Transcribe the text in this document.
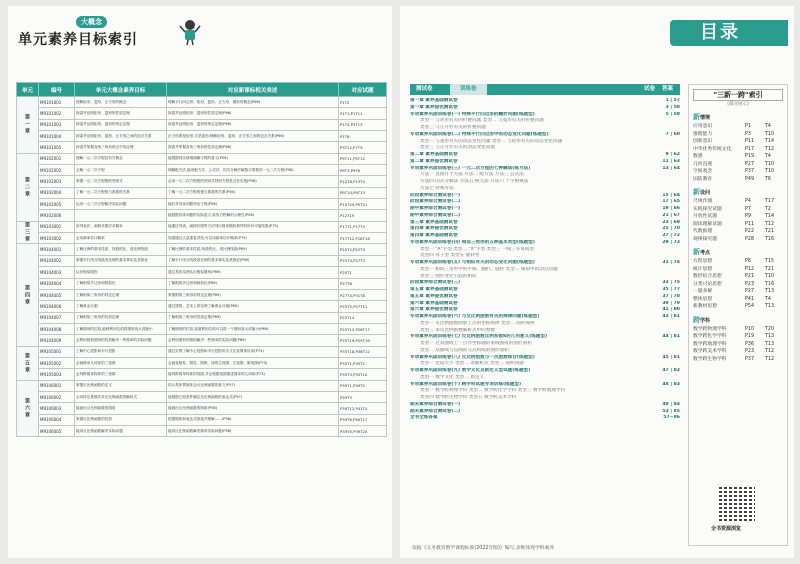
大概念
单元素养目标索引
单元	编号	单元大概念素养目标	对应新课标相关表述	对应试题
第一章	M9101001	理解矩形、菱形、正方形的概念	理解平行四边形、矩形、菱形、正方形、梯形的概念(P66)	P1T2
	M9101002	探索并证明矩形、菱形的性质定理	探索并证明矩形、菱形的性质定理(P66)	P1T1,P1T11
	M9101003	探索并证明矩形、菱形的判定定理	探索并证明矩形、菱形的判定定理(P66)	P1T4,P3T13
	M9101004	探索并证明矩形、菱形、正方形之间的包含关系	正方形既是矩形,又是菱形;理解矩形、菱形、正方形之间的包含关系(P66)	P1T6
	M9101005	探索并掌握直角三角形斜边中线定理	探索并掌握直角三角形的性质定理(P66)	P3T12,P7T9
第二章	M9102001	理解一元二次方程及有关概念	能根据现实情境理解方程的意义(P56)	P9T11,P5T12
	M9102002	会解一元二次方程	理解配方法,能用配方法、公式法、因式分解法解数字系数的一元二次方程(P56)	P9T3,P9T6
	M9102003	掌握一元二次方程根的判别式	会用一元二次方程根的判别式判别方程是否有实根(P56)	P10T8,P13T5
	M9102004	了解一元二次方程根与系数的关系	了解一元二次方程的根与系数的关系(P56)	P9T10,P9T13
	M9102005	运用一元二次方程解决实际问题	能针对具体问题列出方程(P56)	P10T20,P5T21
	M9102006		能根据具体问题的实际意义,检验方程解的合理性(P56)	P12T19
第三章	M9103001	用列表法、画树状图法求概率	能通过列表、画树状图等方法列出简单随机事件的所有可能结果(P75)	P17T1,P17T4
	M9103002	会用频率估计概率	知道通过大量重复试验,可以用频率估计概率(P75)	P17T12,P18T16
第四章	M9104001	了解比例的基本性质、线段的比、成比例线段	了解比例的基本性质,线段的比、成比例线段(P69)	P25T2,P25T3
	M9104002	掌握平行线分线段成比例的基本事实及其推论	了解平行线分线段成比例的基本事实及其推论(P69)	P25T4,P27T3
	M9104003	认识相似图形	通过具体实例认识相似图形(P69)	P25T1
	M9104004	了解相似多边形和相似比	了解相似多边形和相似比(P69)	P27T6
	M9104005	了解相似三角形的判定定理	掌握相似三角形的判定定理(P69)	P27T4,P31T8
	M9104006	了解黄金分割	通过建筑、艺术上的实例了解黄金分割(P69)	P25T5,P27T11
	M9104007	了解相似三角形的性质定理	了解相似三角形的性质定理(P69)	P25T14
	M9104008	了解图形的位似,能够利用位似将图形放大或缩小	了解图形的位似,知道利用位似可以将一个图形放大或缩小(P69)	P25T12,P26T17
	M9104009	会利用相似图形的性质解决一些简单的实际问题	会利用图形的相似解决一些简单的实际问题(P69)	P25T19,P29T16
第五章	M9105001	了解中心投影和平行投影	通过实例了解中心投影和平行投影的含义及其简单应用(P73)	P35T18,P36T12
	M9105002	会画简单几何体的三视图	会画直棱柱、圆柱、圆锥、球的主视图、左视图、俯视图(P73)	P35T1,P35T2
	M9105003	会判断简单物体的三视图	能判断简单物体的视图,并会根据视图描述简单的几何体(P73)	P35T3,P35T10
第六章	M9106001	掌握反比例函数的定义	结合具体情境体会反比例函数的意义(P57)	P39T1,P39T2
	M9106002	会用待定系数法求反比例函数的解析式	能根据已知条件确定反比例函数的表达式(P57)	P39T3
	M9106003	能画出反比例函数的图象	能画出反比例函数的图象(P58)	P39T12,P41T4
	M9106004	掌握反比例函数的性质	根据图象和表达式探索并理解……(P58)	P39T6,P40T17
	M9106005	能用反比例函数解决实际问题	能用反比例函数解决简单实际问题(P58)	P39T5,P39T20
目录
测试卷	训练卷	试卷 答案
第一章 素养基础测试卷	1 | 57
第一章 素养提优测试卷	3 | 58
专项素养巩固训练卷(一) 特殊平行四边形的翻折问题(练题型)	5 | 59
类型一 与矩形有关的折叠问题 类型二 与菱形有关的折叠问题
类型三 与正方形有关的折叠问题
专项素养巩固训练卷(二) 特殊平行四边形中的动态变化问题(练题型)	7 | 60
类型一 与菱形有关的动态变化问题 类型二 与矩形有关的动态变化问题
类型三 与正方形有关的动态变化问题
第二章 素养基础测试卷	9 | 62
第二章 素养提优测试卷	11 | 63
专项素养巩固训练卷(三) 一元二次方程的七种解法(练方法)	13 | 64
方法一 直接开平方法 方法二 配方法 方法三 公式法
方法四 因式分解法 方法五 换元法 方法六 十字相乘法
方法七 特殊方法
阶段素养综合测试卷(一)	15 | 64
阶段素养综合测试卷(二)	17 | 65
期中素养综合测试卷(一)	19 | 66
期中素养综合测试卷(二)	21 | 67
第三章 素养基础测试卷	23 | 69
第四章 素养提优测试卷	25 | 70
第四章 素养基础测试卷	27 | 72
专项素养巩固训练卷(四) 相似三角形的五种基本类型(练题型)	29 | 73
类型一 "A"字型 类型二 "X"字型 类型三 一线三等角模型
类型四 母子型 类型五 旋转型
专项素养巩固训练卷(五) 与相似有关的动态变化问题(练题型)	31 | 74
类型一 相似三角形中的平移、翻折、旋转 类型二 相似中的动点问题
类型三 图形变化引起的相似
阶段素养综合测试卷(三)	33 | 75
第五章 素养基础测试卷	35 | 77
第五章 素养提优测试卷	37 | 78
第六章 素养基础测试卷	39 | 79
第六章 素养提优测试卷	41 | 80
专项素养巩固训练卷(六) 与反比例函数有关的规律问题(练题型)	43 | 81
类型一 反比例函数图象上点的坐标规律 类型二 面积规律
类型三 求反比例函数解析式中的参数
专项素养巩固训练卷(七) 反比例函数比例系数k的几何意义(练题型)	44 | 81
类型一 过双曲线上一点作坐标轴的垂线围成的图形面积
类型二 双曲线与直线的交点构成的图形面积
专项素养巩固训练卷(八) 反比例函数与一次函数综合(练题型)	45 | 81
类型一 比较大小 类型二 求解析式 类型三 面积问题
专项素养巩固训练卷(九) 数学文化及新定义型试题(练题型)	47 | 82
类型一 数学文化 类型二 新定义
专项素养巩固训练卷(十) 跨学科试题专项训练(练题型)	48 | 83
类型一 数学跨物理学科 类型二 数学跨化学学科 类型三 数学跨地理学科
类型四 数学跨生物学科 类型五 数学跨美术学科
期末素养综合测试卷(一)	49 | 84
期末素养综合测试卷(二)	53 | 85
全书全练答案	57~86
"三新一跨"索引
(部分展示)
新情境
应用意识	P1	T4
推理能力	P3	T10
创新意识	P11	T14
中华优秀传统文化	P17	T12
数感	P19	T4
几何直观	P27	T10
空间观念	P37	T10
国防教育	P49	T6
新设问
尺规作图	P4	T17
实践探究试题	P7	T2
开放性试题	P9	T14
阅读理解试题	P11	T12
代数推理	P22	T21
规律探究题	P28	T16
新考点
方程思想	P6	T15
统计思想	P12	T21
数形结合思想	P21	T10
分类讨论思想	P23	T16
一题多解	P27	T13
整体思想	P41	T4
新教材思想	P54	T13
跨学科
数学跨物理学科	P10	T20
数学跨化学学科	P19	T13
数学跨地理学科	P36	T13
数学跨美术学科	P23	T12
数学跨生物学科	P37	T12
全书资源浏览
依据《义务教育数学课程标准(2022年版)》编写,多维体现学科素养
